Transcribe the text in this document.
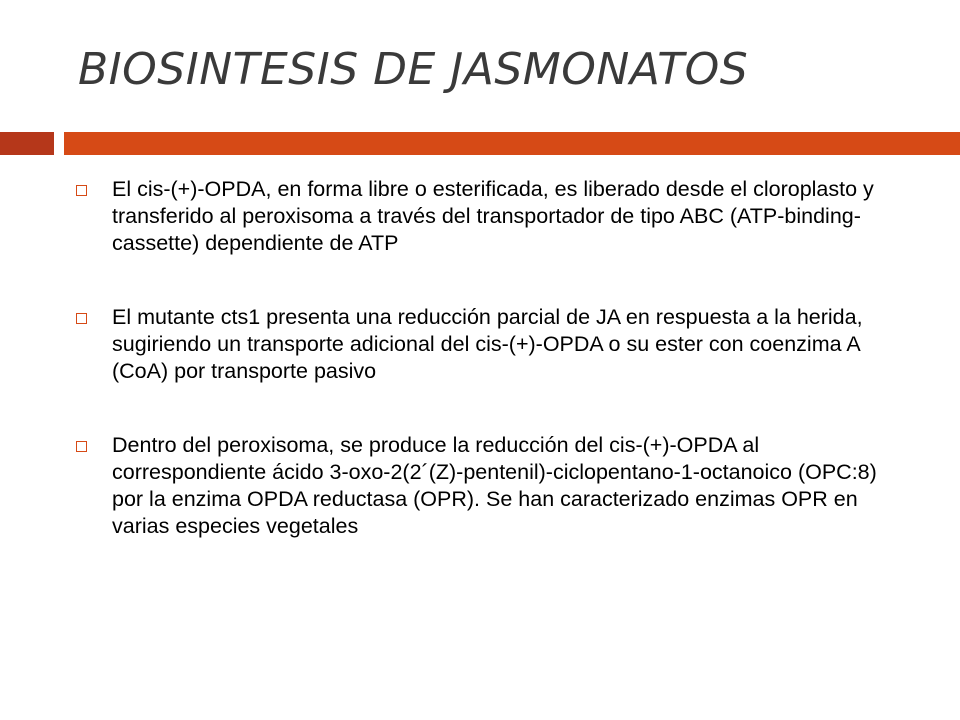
BIOSINTESIS DE JASMONATOS
El cis-(+)-OPDA, en forma libre o esterificada, es liberado desde el cloroplasto y transferido al peroxisoma a través del transportador de tipo ABC (ATP-binding-cassette) dependiente de ATP
El mutante cts1 presenta una reducción parcial de JA en respuesta a la herida, sugiriendo un transporte adicional del cis-(+)-OPDA o su ester con coenzima A (CoA) por transporte pasivo
Dentro del peroxisoma, se produce la reducción del cis-(+)-OPDA al correspondiente ácido 3-oxo-2(2´(Z)-pentenil)-ciclopentano-1-octanoico (OPC:8) por la enzima OPDA reductasa (OPR). Se han caracterizado enzimas OPR en varias especies vegetales
